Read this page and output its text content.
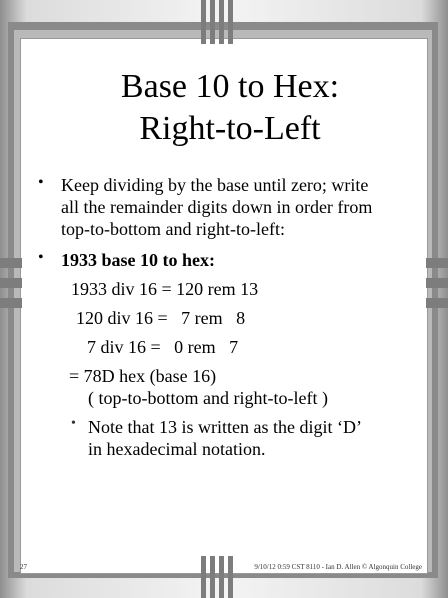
Base 10 to Hex:
Right-to-Left
• Keep dividing by the base until zero; write
all the remainder digits down in order from
top-to-bottom and right-to-left:
• 1933 base 10 to hex:
1933 div 16 = 120 rem 13
120 div 16 =   7 rem   8
7 div 16 =   0 rem   7
= 78D hex (base 16)
( top-to-bottom and right-to-left )
• Note that 13 is written as the digit ‘D’
in hexadecimal notation.
27	9/10/12 0:59 CST 8110 - Ian D. Allen © Algonquin College
